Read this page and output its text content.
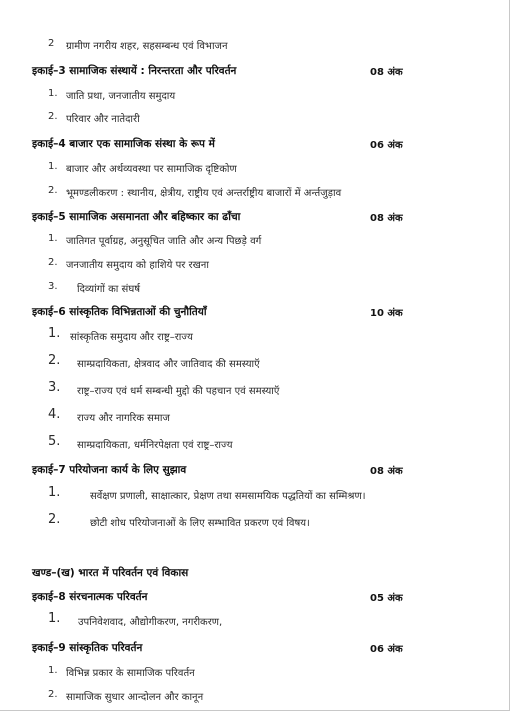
2 ग्रामीण नगरीय शहर, सहसम्बन्ध एवं विभाजन
इकाई–3 सामाजिक संस्थायें : निरन्तरता और परिवर्तन	08 अंक
1. जाति प्रथा, जनजातीय समुदाय
2. परिवार और नातेदारी
इकाई–4 बाजार एक सामाजिक संस्था के रूप में	06 अंक
1. बाजार और अर्थव्यवस्था पर सामाजिक दृष्टिकोण
2. भूमण्डलीकरण : स्थानीय, क्षेत्रीय, राष्ट्रीय एवं अन्तर्राष्ट्रीय बाजारों में अर्न्तजुड़ाव
इकाई–5 सामाजिक असमानता और बहिष्कार का ढाँचा	08 अंक
1. जातिगत पूर्वाग्रह, अनुसूचित जाति और अन्य पिछड़े वर्ग
2. जनजातीय समुदाय को हाशिये पर रखना
3. दिव्यांगों का संघर्ष
इकाई–6 सांस्कृतिक विभिन्नताओं की चुनौतियाँ	10 अंक
1. सांस्कृतिक समुदाय और राष्ट्र–राज्य
2. साम्प्रदायिकता, क्षेत्रवाद और जातिवाद की समस्याऍ
3. राष्ट्र–राज्य एवं धर्म सम्बन्धी मुद्दो की पहचान एवं समस्याऍ
4. राज्य और नागरिक समाज
5. साम्प्रदायिकता, धर्मनिरपेक्षता एवं राष्ट्र–राज्य
इकाई–7 परियोजना कार्य के लिए सुझाव	08 अंक
1.	सर्वेक्षण प्रणाली, साक्षात्कार, प्रेक्षण तथा समसामयिक पद्धतियों का सम्मिश्रण।
2.	छोटी शोध परियोजनाओं के लिए सम्भावित प्रकरण एवं विषय।
खण्ड–(ख) भारत में परिवर्तन एवं विकास
इकाई–8 संरचनात्मक परिवर्तन	05 अंक
1. उपनिवेशवाद, औद्योगीकरण, नगरीकरण,
इकाई–9 सांस्कृतिक परिवर्तन	06 अंक
1. विभिन्न प्रकार के सामाजिक परिवर्तन
2. सामाजिक सुधार आन्दोलन और कानून
